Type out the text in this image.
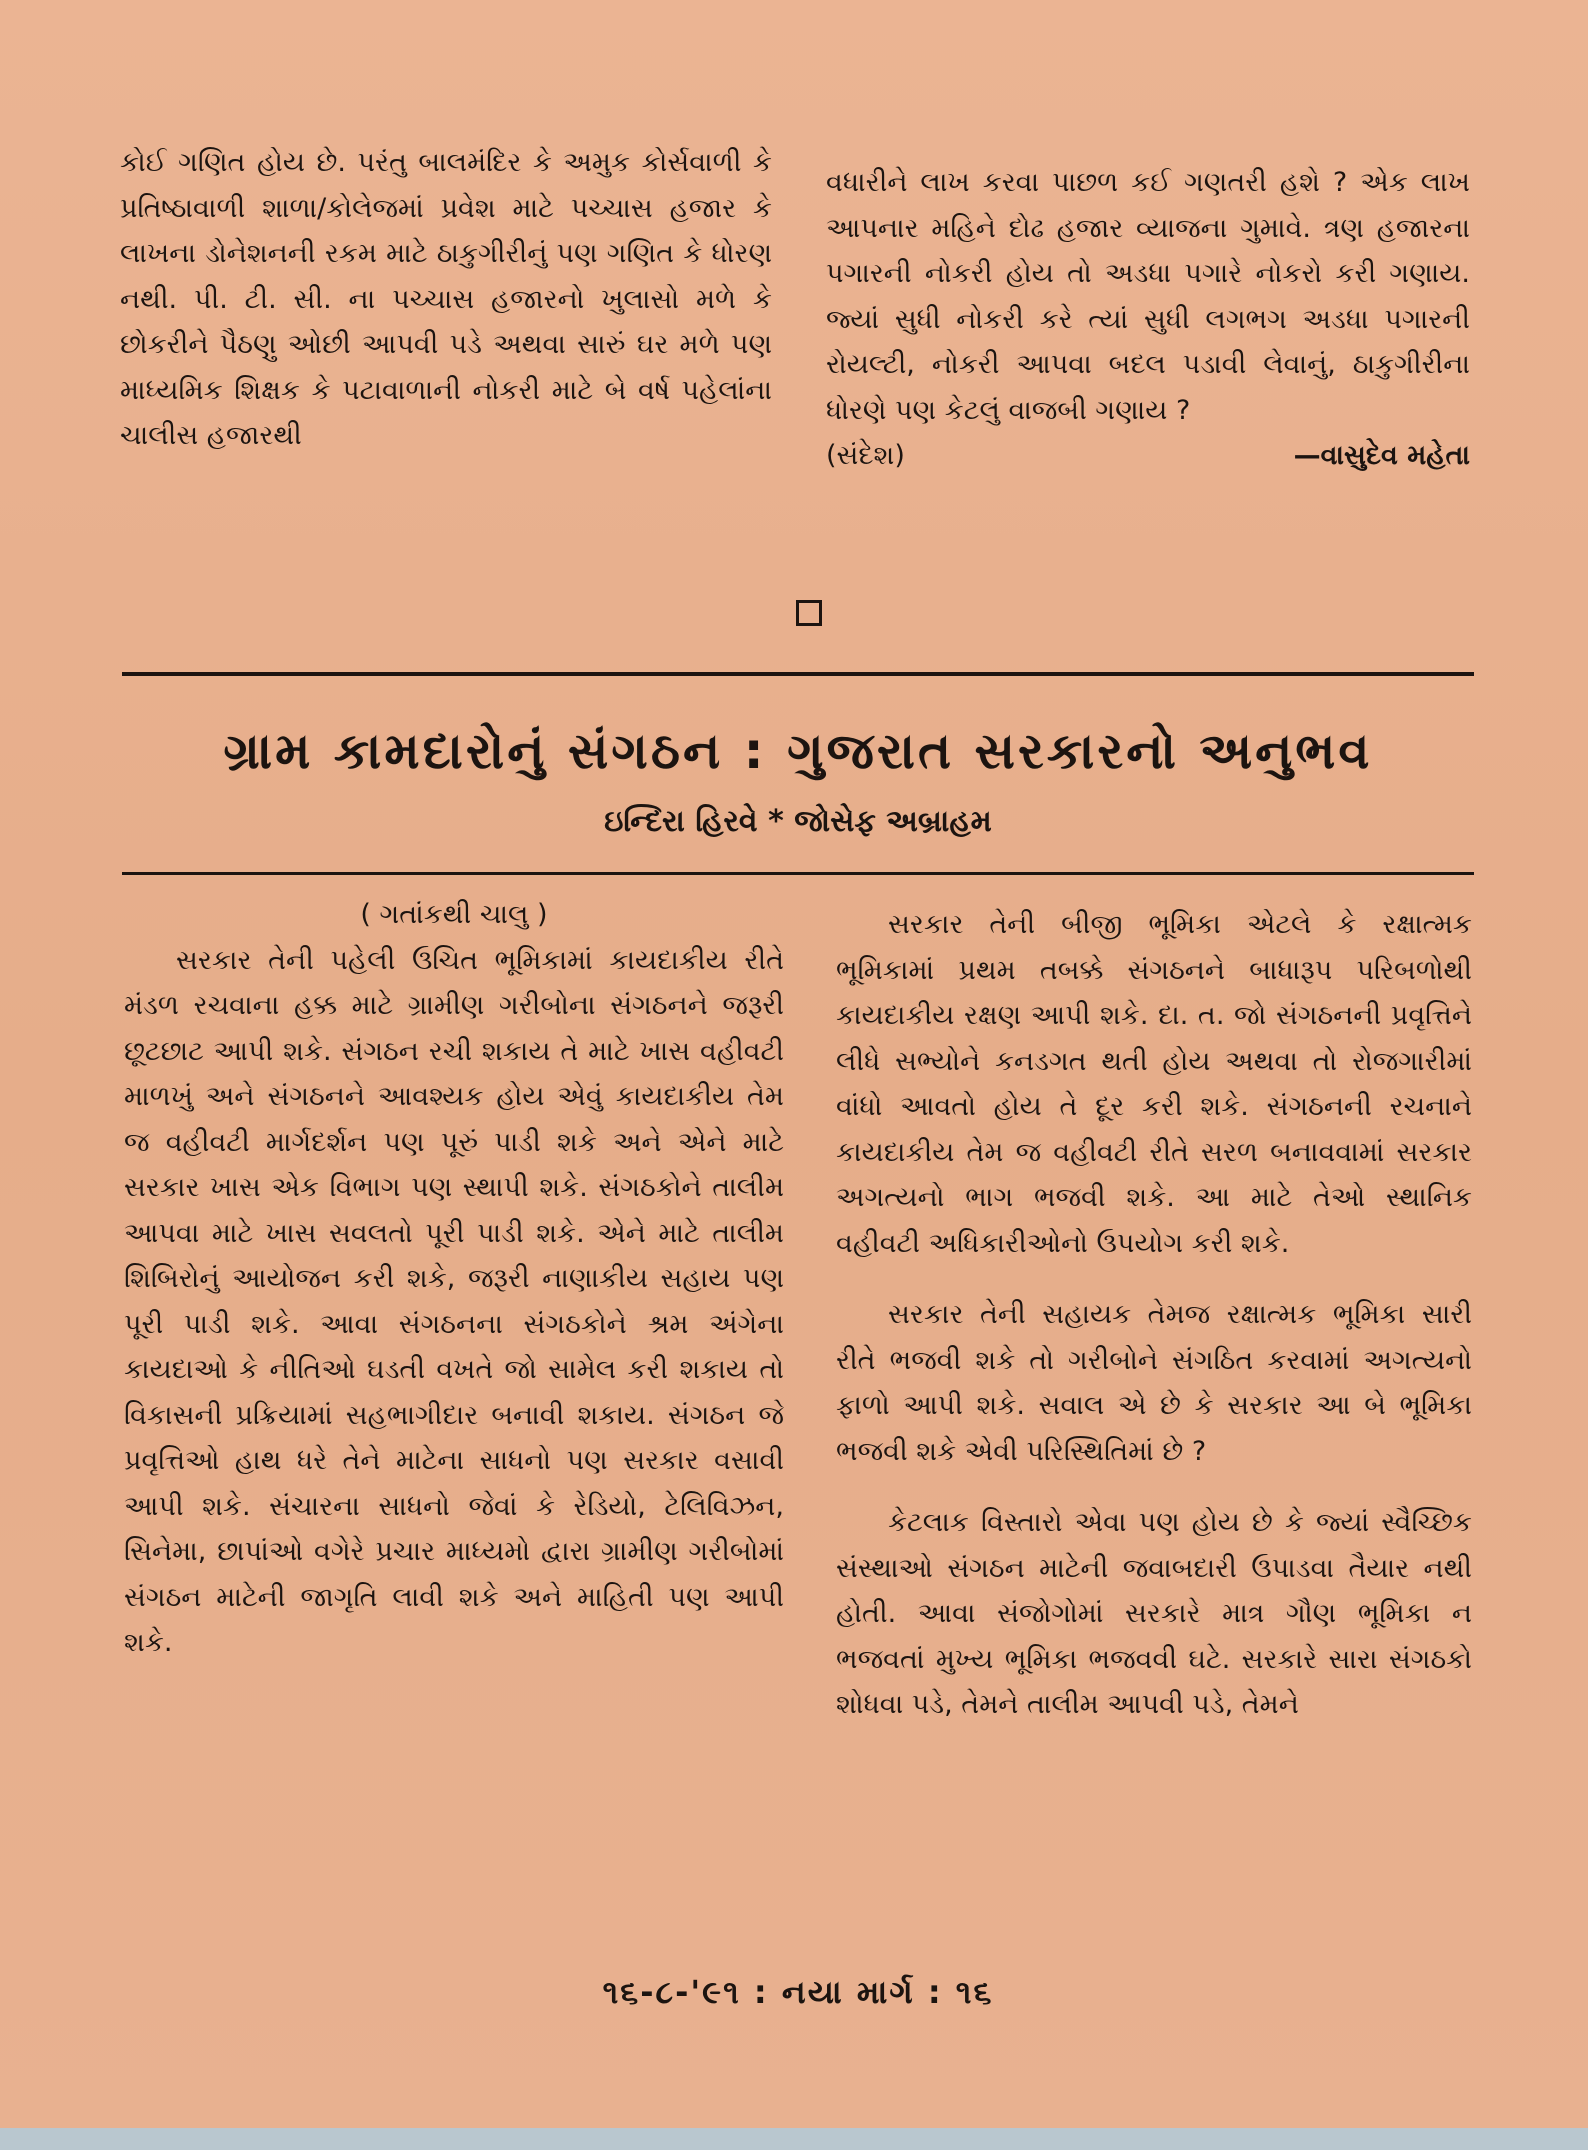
કોઈ ગણિત હોય છે. પરંતુ બાલમંદિર કે અમુક કોર્સવાળી કે પ્રતિષ્ઠાવાળી શાળા/કોલેજમાં પ્રવેશ માટે પચ્ચાસ હજાર કે લાખના ડોનેશનની રકમ માટે ઠાકુગીરીનું પણ ગણિત કે ધોરણ નથી. પી. ટી. સી. ના પચ્ચાસ હજારનો ખુલાસો મળે કે છોકરીને પૈઠણુ ઓછી આપવી પડે અથવા સારું ઘર મળે પણ માધ્યમિક શિક્ષક કે પટાવાળાની નોકરી માટે બે વર્ષ પહેલાંના ચાલીસ હજારથી

વધારીને લાખ કરવા પાછળ કઈ ગણતરી હશે ? એક લાખ આપનાર મહિને દોઢ હજાર વ્યાજના ગુમાવે. ત્રણ હજારના પગારની નોકરી હોય તો અડધા પગારે નોકરો કરી ગણાય. જ્યાં સુધી નોકરી કરે ત્યાં સુધી લગભગ અડધા પગારની રોયલ્ટી, નોકરી આપવા બદલ પડાવી લેવાનું, ઠાકુગીરીના ધોરણે પણ કેટલું વાજબી ગણાય ?

(સંદેશ)	—વાસુદેવ મહેતા
ગ્રામ કામદારોનું સંગઠન : ગુજરાત સરકારનો અનુભવ
ઇન્દિરા હિરવે * જોસેફ અબ્રાહમ

( ગતાંકથી ચાલુ )

સરકાર તેની પહેલી ઉચિત ભૂમિકામાં કાયદાકીય રીતે મંડળ રચવાના હક્ક માટે ગ્રામીણ ગરીબોના સંગઠનને જરૂરી છૂટછાટ આપી શકે. સંગઠન રચી શકાય તે માટે ખાસ વહીવટી માળખું અને સંગઠનને આવશ્યક હોય એવું કાયદાકીય તેમ જ વહીવટી માર્ગદર્શન પણ પૂરું પાડી શકે અને એને માટે સરકાર ખાસ એક વિભાગ પણ સ્થાપી શકે. સંગઠકોને તાલીમ આપવા માટે ખાસ સવલતો પૂરી પાડી શકે. એને માટે તાલીમ શિબિરોનું આયોજન કરી શકે, જરૂરી નાણાકીય સહાય પણ પૂરી પાડી શકે. આવા સંગઠનના સંગઠકોને શ્રમ અંગેના કાયદાઓ કે નીતિઓ ઘડતી વખતે જો સામેલ કરી શકાય તો વિકાસની પ્રક્રિયામાં સહભાગીદાર બનાવી શકાય. સંગઠન જે પ્રવૃત્તિઓ હાથ ધરે તેને માટેના સાધનો પણ સરકાર વસાવી આપી શકે. સંચારના સાધનો જેવાં કે રેડિયો, ટેલિવિઝન, સિનેમા, છાપાંઓ વગેરે પ્રચાર માધ્યમો દ્વારા ગ્રામીણ ગરીબોમાં સંગઠન માટેની જાગૃતિ લાવી શકે અને માહિતી પણ આપી શકે.

સરકાર તેની બીજી ભૂમિકા એટલે કે રક્ષાત્મક ભૂમિકામાં પ્રથમ તબક્કે સંગઠનને બાધારૂપ પરિબળોથી કાયદાકીય રક્ષણ આપી શકે. દા. ત. જો સંગઠનની પ્રવૃત્તિને લીધે સભ્યોને કનડગત થતી હોય અથવા તો રોજગારીમાં વાંધો આવતો હોય તે દૂર કરી શકે. સંગઠનની રચનાને કાયદાકીય તેમ જ વહીવટી રીતે સરળ બનાવવામાં સરકાર અગત્યનો ભાગ ભજવી શકે. આ માટે તેઓ સ્થાનિક વહીવટી અધિકારીઓનો ઉપયોગ કરી શકે.

સરકાર તેની સહાયક તેમજ રક્ષાત્મક ભૂમિકા સારી રીતે ભજવી શકે તો ગરીબોને સંગઠિત કરવામાં અગત્યનો ફાળો આપી શકે. સવાલ એ છે કે સરકાર આ બે ભૂમિકા ભજવી શકે એવી પરિસ્થિતિમાં છે ?

કેટલાક વિસ્તારો એવા પણ હોય છે કે જ્યાં સ્વૈચ્છિક સંસ્થાઓ સંગઠન માટેની જવાબદારી ઉપાડવા તૈયાર નથી હોતી. આવા સંજોગોમાં સરકારે માત્ર ગૌણ ભૂમિકા ન ભજવતાં મુખ્ય ભૂમિકા ભજવવી ઘટે. સરકારે સારા સંગઠકો શોધવા પડે, તેમને તાલીમ આપવી પડે, તેમને

૧૬-૮-'૯૧ : નયા માર્ગ : ૧૬
